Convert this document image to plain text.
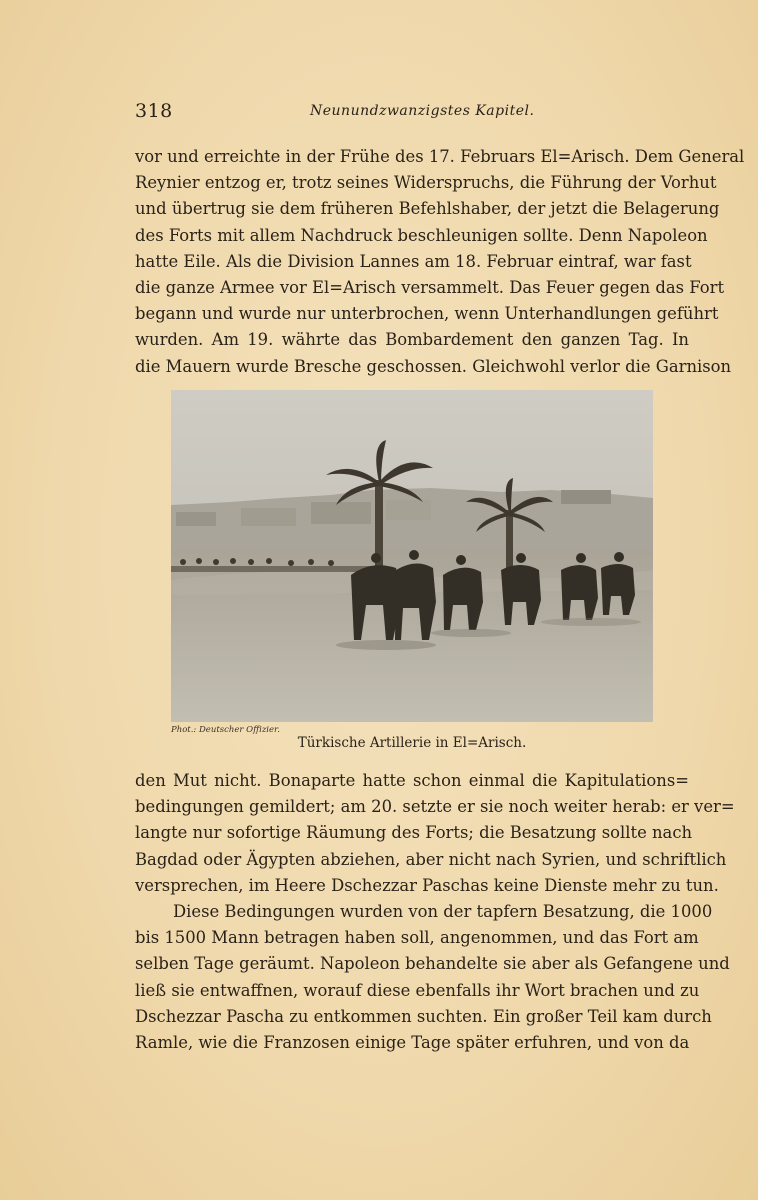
318	Neunundzwanzigstes Kapitel.
vor und erreichte in der Frühe des 17. Februars El=Arisch. Dem General
Reynier entzog er, trotz seines Widerspruchs, die Führung der Vorhut
und übertrug sie dem früheren Befehlshaber, der jetzt die Belagerung
des Forts mit allem Nachdruck beschleunigen sollte. Denn Napoleon
hatte Eile. Als die Division Lannes am 18. Februar eintraf, war fast
die ganze Armee vor El=Arisch versammelt. Das Feuer gegen das Fort
begann und wurde nur unterbrochen, wenn Unterhandlungen geführt
wurden. Am 19. währte das Bombardement den ganzen Tag. In
die Mauern wurde Bresche geschossen. Gleichwohl verlor die Garnison
Phot.: Deutscher Offizier.
Türkische Artillerie in El=Arisch.
den Mut nicht. Bonaparte hatte schon einmal die Kapitulations=
bedingungen gemildert; am 20. setzte er sie noch weiter herab: er ver=
langte nur sofortige Räumung des Forts; die Besatzung sollte nach
Bagdad oder Ägypten abziehen, aber nicht nach Syrien, und schriftlich
versprechen, im Heere Dschezzar Paschas keine Dienste mehr zu tun.
Diese Bedingungen wurden von der tapfern Besatzung, die 1000
bis 1500 Mann betragen haben soll, angenommen, und das Fort am
selben Tage geräumt. Napoleon behandelte sie aber als Gefangene und
ließ sie entwaffnen, worauf diese ebenfalls ihr Wort brachen und zu
Dschezzar Pascha zu entkommen suchten. Ein großer Teil kam durch
Ramle, wie die Franzosen einige Tage später erfuhren, und von da
